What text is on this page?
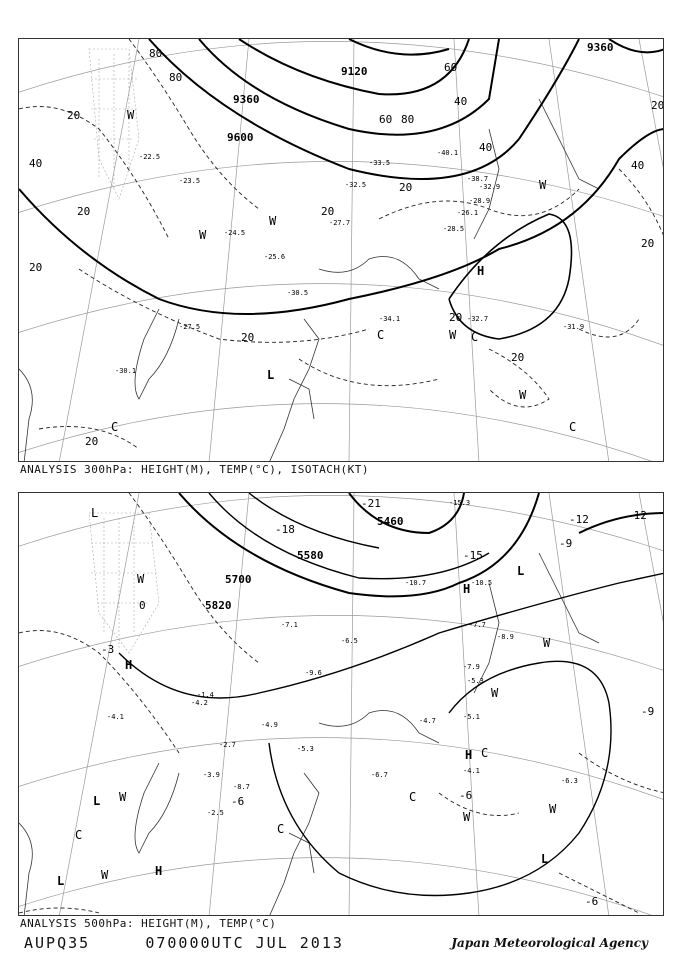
9360
9120
9360
9600
80
80
60 80
40
60
40
20
40	40
20
20
20
20
20
20
20
20
20
20
W
W
W
W
W
W
H
C
C
L
C	C
-22.5
-23.5
-24.5
-25.6
-27.5
-30.5
-32.5
-33.5
-27.7
-28.5
-34.1	-32.7
-31.9
-30.1
-28.9
-26.1
-40.1
-38.7
-32.9
ANALYSIS 300hPa: HEIGHT(M), TEMP(°C), ISOTACH(KT)
5460
5580
5700
5820
-21
-18
-15
-12	-12
-9
-9
-6	-6
-6
-3
0
L
L
H
W
W
H C
H
C
W
W
W
C
W
L
L	W
H
L
C
-10.7	-10.5
-15.3
-7.7
-8.9
-6.5
-5.3
-5.1
-4.7
-4.1
-6.7
-6.3
-4.9
-7.1
-5.3
-4.2
-2.7
-1.4
-7.9
-3.9
-8.7
-9.6
-4.1
-2.5
ANALYSIS 500hPa: HEIGHT(M), TEMP(°C)
AUPQ35	070000UTC JUL 2013	Japan Meteorological Agency
